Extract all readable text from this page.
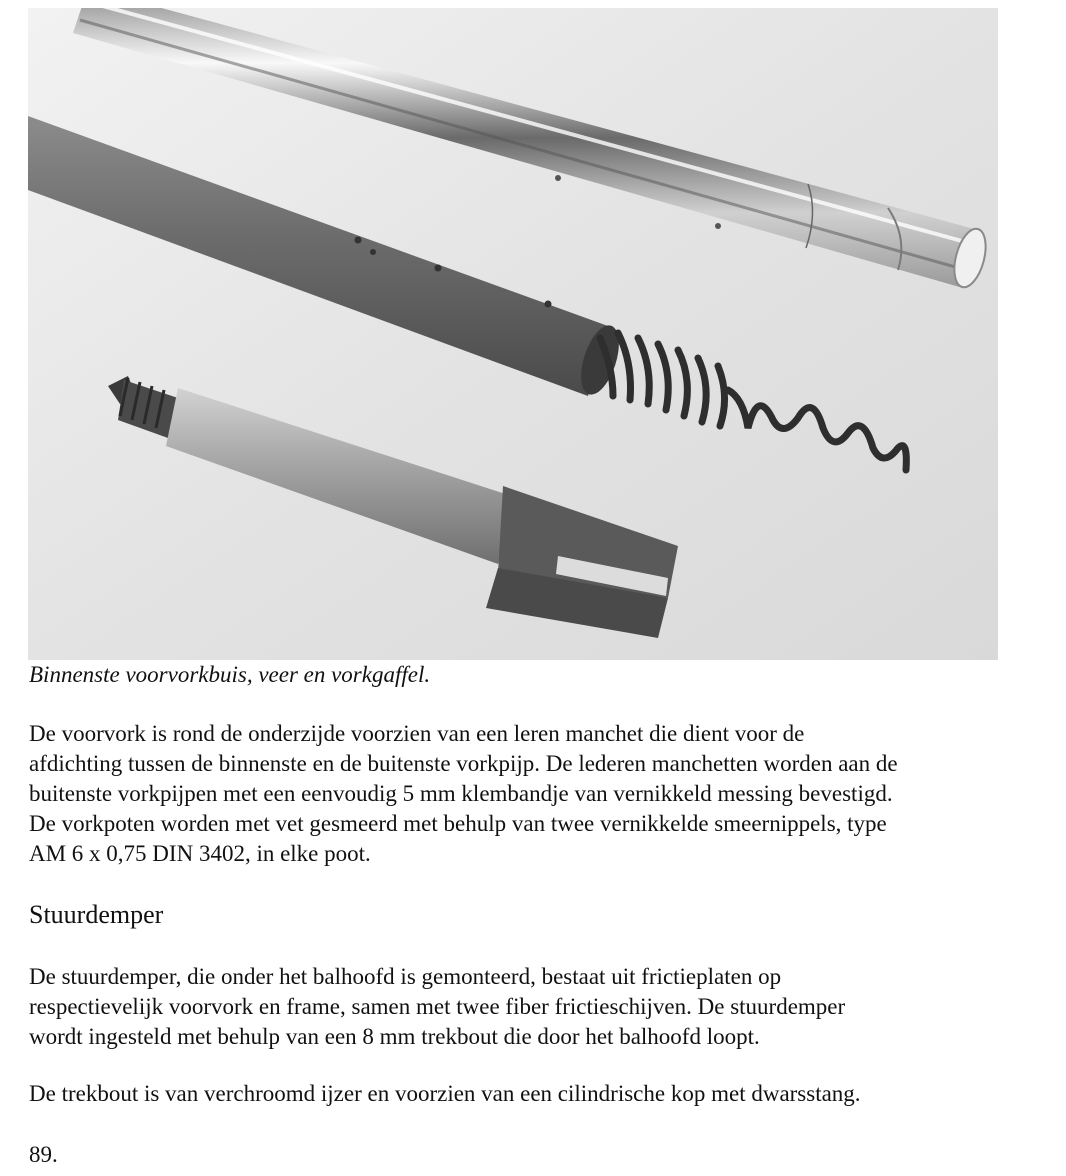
Binnenste voorvorkbuis, veer en vorkgaffel.
De voorvork is rond de onderzijde voorzien van een leren manchet die dient voor de
afdichting tussen de binnenste en de buitenste vorkpijp. De lederen manchetten worden aan de
buitenste vorkpijpen met een eenvoudig 5 mm klembandje van vernikkeld messing bevestigd.
De vorkpoten worden met vet gesmeerd met behulp van twee vernikkelde smeernippels, type
AM 6 x 0,75 DIN 3402, in elke poot.
Stuurdemper
De stuurdemper, die onder het balhoofd is gemonteerd, bestaat uit frictieplaten op
respectievelijk voorvork en frame, samen met twee fiber frictieschijven. De stuurdemper
wordt ingesteld met behulp van een 8 mm trekbout die door het balhoofd loopt.
De trekbout is van verchroomd ijzer en voorzien van een cilindrische kop met dwarsstang.
89.
